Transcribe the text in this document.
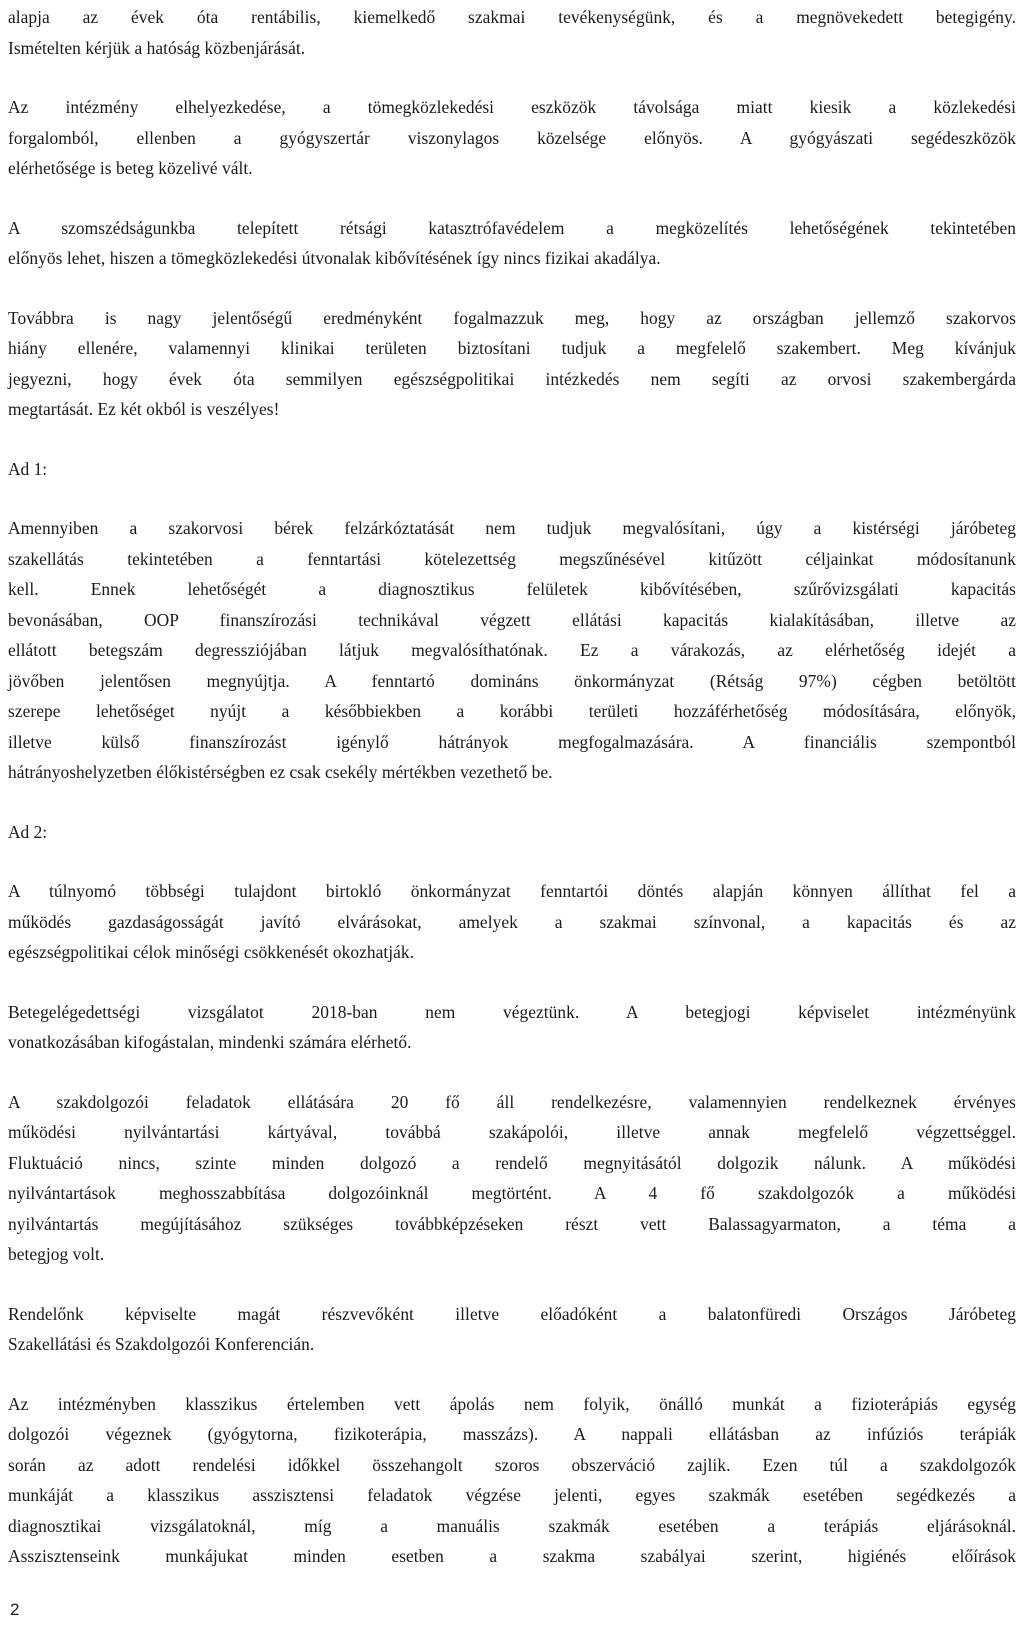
alapja az évek óta rentábilis, kiemelkedő szakmai tevékenységünk, és a megnövekedett betegigény.
Ismételten kérjük a hatóság közbenjárását.
Az intézmény elhelyezkedése, a tömegközlekedési eszközök távolsága miatt kiesik a közlekedési
forgalomból, ellenben a gyógyszertár viszonylagos közelsége előnyös. A gyógyászati segédeszközök
elérhetősége is beteg közelivé vált.
A szomszédságunkba telepített rétsági katasztrófavédelem a megközelítés lehetőségének tekintetében
előnyös lehet, hiszen a tömegközlekedési útvonalak kibővítésének így nincs fizikai akadálya.
Továbbra is nagy jelentőségű eredményként fogalmazzuk meg, hogy az országban jellemző szakorvos
hiány ellenére, valamennyi klinikai területen biztosítani tudjuk a megfelelő szakembert. Meg kívánjuk
jegyezni, hogy évek óta semmilyen egészségpolitikai intézkedés nem segíti az orvosi szakembergárda
megtartását. Ez két okból is veszélyes!
Ad 1:
Amennyiben a szakorvosi bérek felzárkóztatását nem tudjuk megvalósítani, úgy a kistérségi járóbeteg
szakellátás tekintetében a fenntartási kötelezettség megszűnésével kitűzött céljainkat módosítanunk
kell. Ennek lehetőségét a diagnosztikus felületek kibővítésében, szűrővizsgálati kapacitás
bevonásában, OOP finanszírozási technikával végzett ellátási kapacitás kialakításában, illetve az
ellátott betegszám degressziójában látjuk megvalósíthatónak. Ez a várakozás, az elérhetőség idejét a
jövőben jelentősen megnyújtja. A fenntartó domináns önkormányzat (Rétság 97%) cégben betöltött
szerepe lehetőséget nyújt a későbbiekben a korábbi területi hozzáférhetőség módosítására, előnyök,
illetve külső finanszírozást igénylő hátrányok megfogalmazására. A financiális szempontból
hátrányoshelyzetben élőkistérségben ez csak csekély mértékben vezethető be.
Ad 2:
A túlnyomó többségi tulajdont birtokló önkormányzat fenntartói döntés alapján könnyen állíthat fel a
működés gazdaságosságát javító elvárásokat, amelyek a szakmai színvonal, a kapacitás és az
egészségpolitikai célok minőségi csökkenését okozhatják.
Betegelégedettségi vizsgálatot 2018-ban nem végeztünk. A betegjogi képviselet intézményünk
vonatkozásában kifogástalan, mindenki számára elérhető.
A szakdolgozói feladatok ellátására 20 fő áll rendelkezésre, valamennyien rendelkeznek érvényes
működési nyilvántartási kártyával, továbbá szakápolói, illetve annak megfelelő végzettséggel.
Fluktuáció nincs, szinte minden dolgozó a rendelő megnyitásától dolgozik nálunk. A működési
nyilvántartások meghosszabbítása dolgozóinknál megtörtént. A 4 fő szakdolgozók a működési
nyilvántartás megújításához szükséges továbbképzéseken részt vett Balassagyarmaton, a téma a
betegjog volt.
Rendelőnk képviselte magát részvevőként illetve előadóként a balatonfüredi Országos Járóbeteg
Szakellátási és Szakdolgozói Konferencián.
Az intézményben klasszikus értelemben vett ápolás nem folyik, önálló munkát a fizioterápiás egység
dolgozói végeznek (gyógytorna, fizikoterápia, masszázs). A nappali ellátásban az infúziós terápiák
során az adott rendelési időkkel összehangolt szoros obszerváció zajlik. Ezen túl a szakdolgozók
munkáját a klasszikus asszisztensi feladatok végzése jelenti, egyes szakmák esetében segédkezés a
diagnosztikai vizsgálatoknál, míg a manuális szakmák esetében a terápiás eljárásoknál.
Asszisztenseink munkájukat minden esetben a szakma szabályai szerint, higiénés előírások
2
